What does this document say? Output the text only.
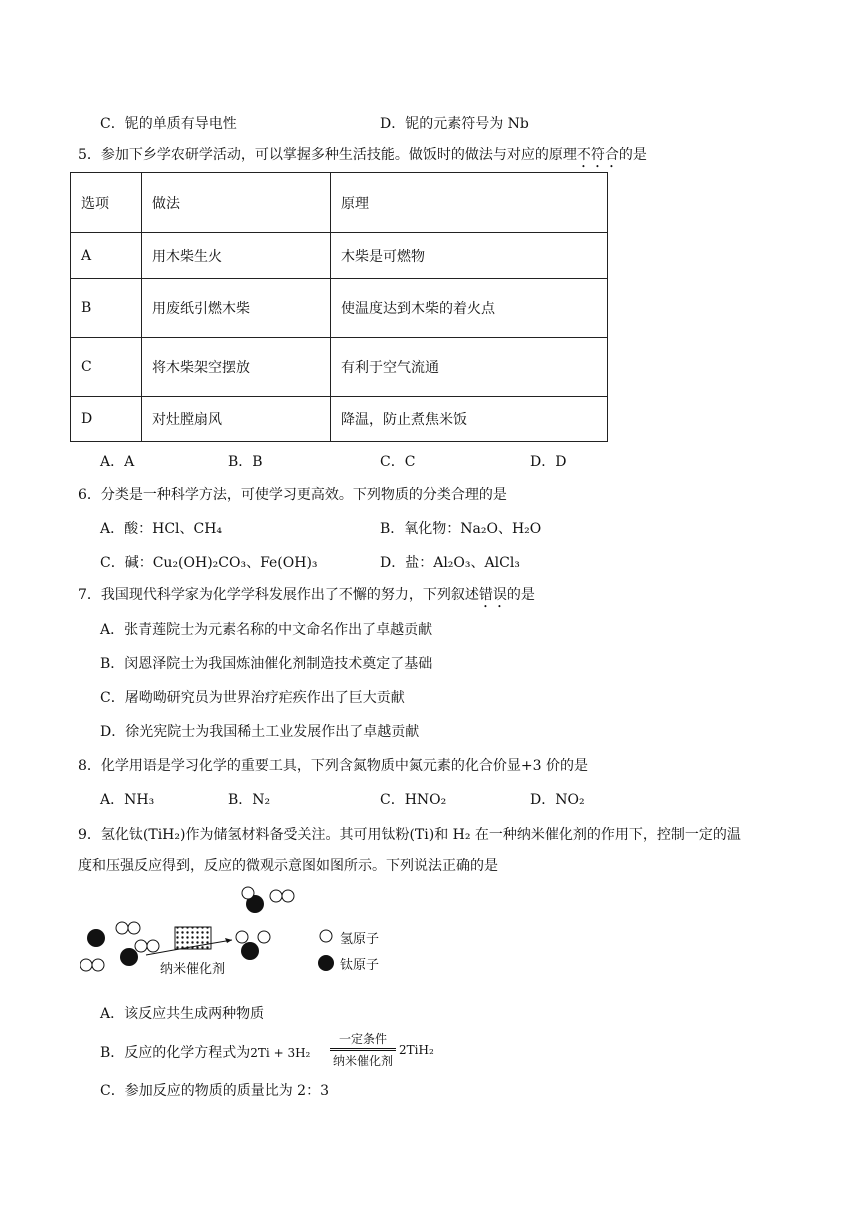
C．铌的单质有导电性	D．铌的元素符号为 Nb
5．参加下乡学农研学活动，可以掌握多种生活技能。做饭时的做法与对应的原理不符合的是
选项	做法	原理
A	用木柴生火	木柴是可燃物
B	用废纸引燃木柴	使温度达到木柴的着火点
C	将木柴架空摆放	有利于空气流通
D	对灶膛扇风	降温，防止煮焦米饭
A．A	B．B	C．C	D．D
6．分类是一种科学方法，可使学习更高效。下列物质的分类合理的是
A．酸：HCl、CH₄	B．氧化物：Na₂O、H₂O
C．碱：Cu₂(OH)₂CO₃、Fe(OH)₃	D．盐：Al₂O₃、AlCl₃
7．我国现代科学家为化学学科发展作出了不懈的努力，下列叙述错误的是
A．张青莲院士为元素名称的中文命名作出了卓越贡献
B．闵恩泽院士为我国炼油催化剂制造技术奠定了基础
C．屠呦呦研究员为世界治疗疟疾作出了巨大贡献
D．徐光宪院士为我国稀土工业发展作出了卓越贡献
8．化学用语是学习化学的重要工具，下列含氮物质中氮元素的化合价显+3 价的是
A．NH₃	B．N₂	C．HNO₂	D．NO₂
9．氢化钛(TiH₂)作为储氢材料备受关注。其可用钛粉(Ti)和 H₂ 在一种纳米催化剂的作用下，控制一定的温
度和压强反应得到，反应的微观示意图如图所示。下列说法正确的是
纳米催化剂
氢原子
钛原子
A．该反应共生成两种物质
B．反应的化学方程式为2Ti + 3H₂
一定条件
纳米催化剂
2TiH₂
C．参加反应的物质的质量比为 2：3
